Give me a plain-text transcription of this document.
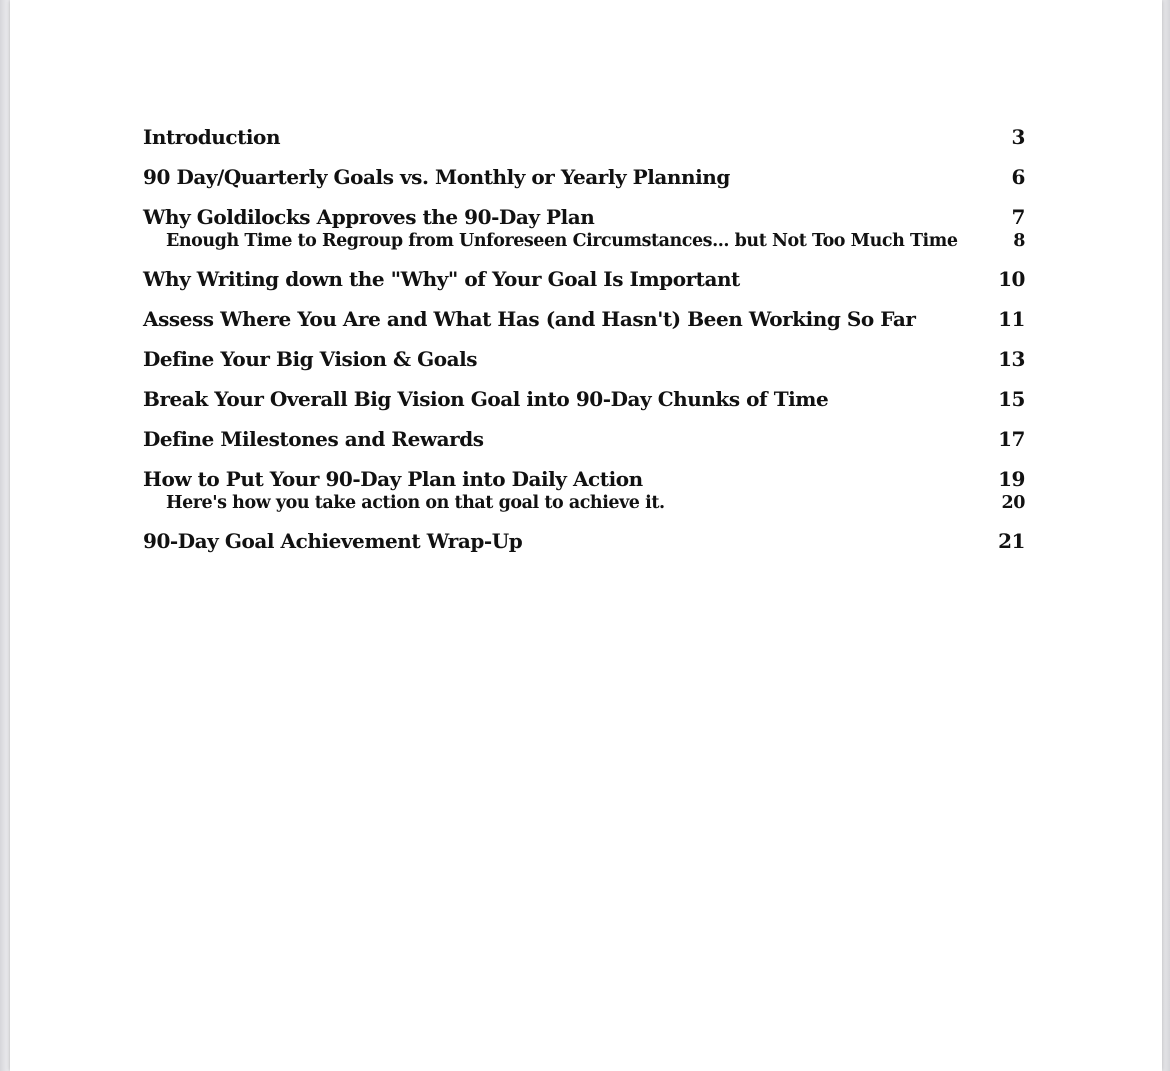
Introduction	3
90 Day/Quarterly Goals vs. Monthly or Yearly Planning	6
Why Goldilocks Approves the 90-Day Plan	7
Enough Time to Regroup from Unforeseen Circumstances... but Not Too Much Time	8
Why Writing down the "Why" of Your Goal Is Important	10
Assess Where You Are and What Has (and Hasn't) Been Working So Far	11
Define Your Big Vision & Goals	13
Break Your Overall Big Vision Goal into 90-Day Chunks of Time	15
Define Milestones and Rewards	17
How to Put Your 90-Day Plan into Daily Action	19
Here's how you take action on that goal to achieve it.	20
90-Day Goal Achievement Wrap-Up	21
